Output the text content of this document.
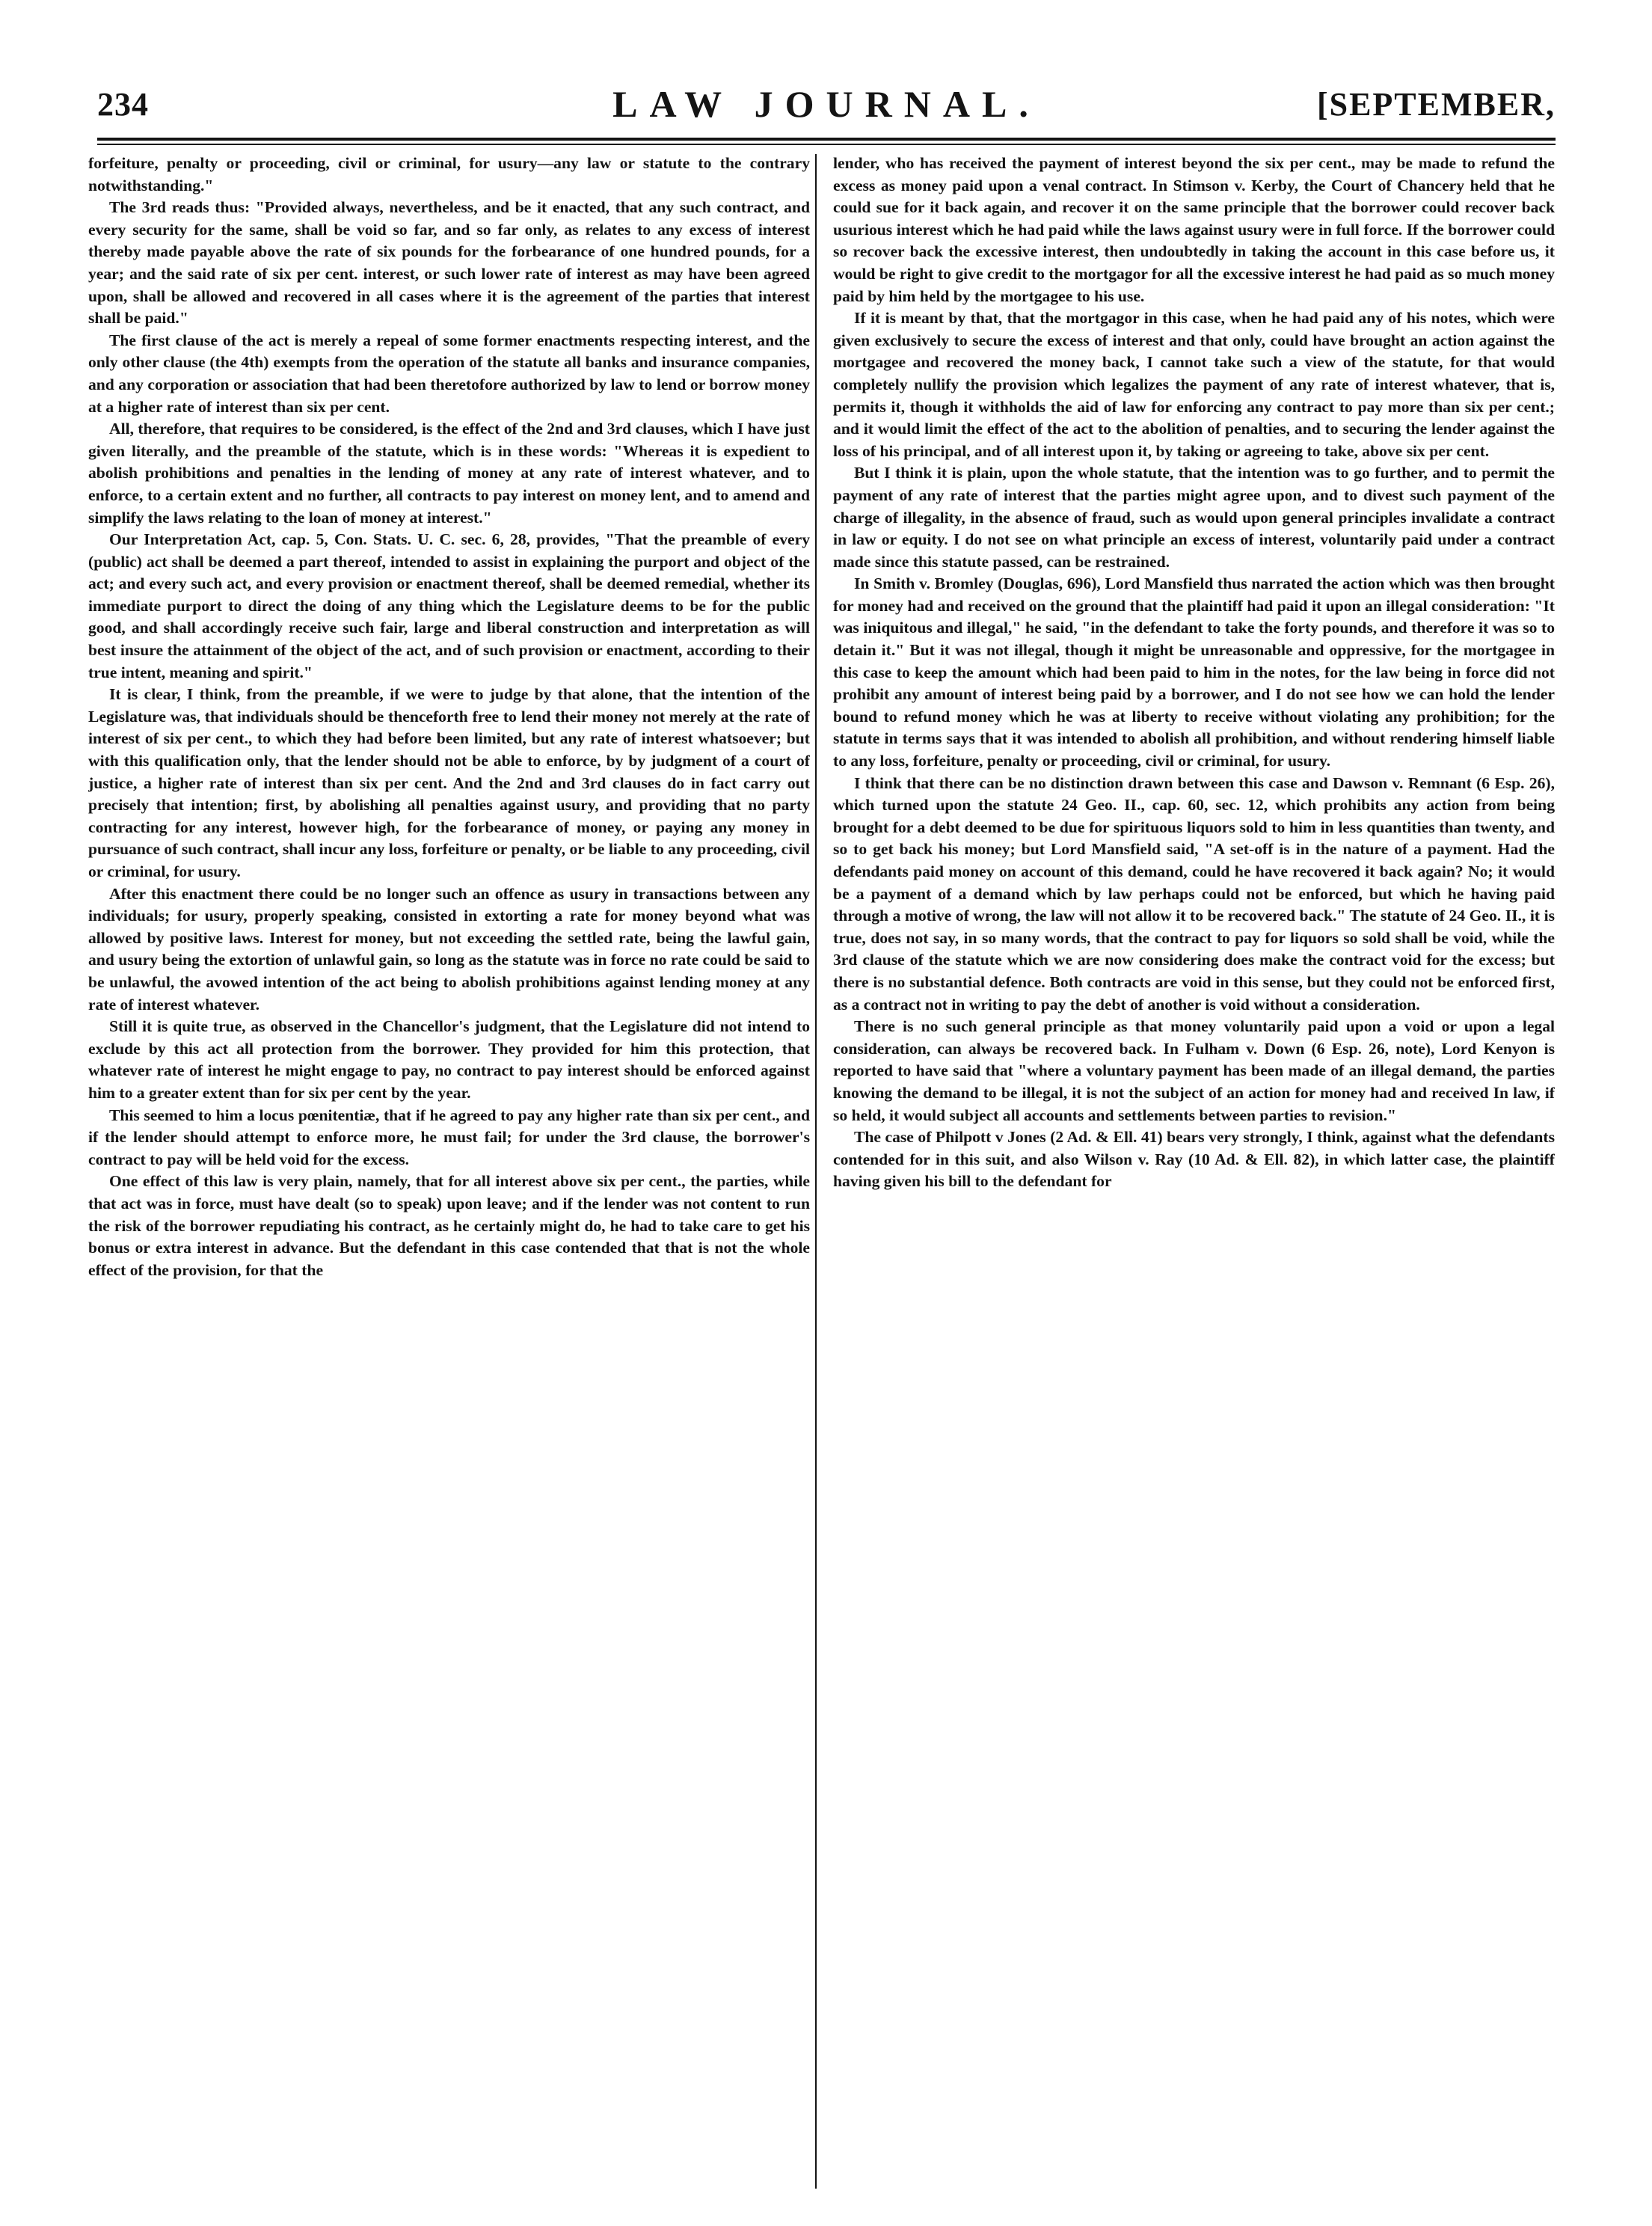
234	LAW JOURNAL.	[SEPTEMBER,

forfeiture, penalty or proceeding, civil or criminal, for usury—any law or statute to the contrary notwithstanding."

The 3rd reads thus: "Provided always, nevertheless, and be it enacted, that any such contract, and every security for the same, shall be void so far, and so far only, as relates to any excess of interest thereby made payable above the rate of six pounds for the forbearance of one hundred pounds, for a year; and the said rate of six per cent. interest, or such lower rate of interest as may have been agreed upon, shall be allowed and recovered in all cases where it is the agreement of the parties that interest shall be paid."

The first clause of the act is merely a repeal of some former enactments respecting interest, and the only other clause (the 4th) exempts from the operation of the statute all banks and insurance companies, and any corporation or association that had been theretofore authorized by law to lend or borrow money at a higher rate of interest than six per cent.

All, therefore, that requires to be considered, is the effect of the 2nd and 3rd clauses, which I have just given literally, and the preamble of the statute, which is in these words: "Whereas it is expedient to abolish prohibitions and penalties in the lending of money at any rate of interest whatever, and to enforce, to a certain extent and no further, all contracts to pay interest on money lent, and to amend and simplify the laws relating to the loan of money at interest."

Our Interpretation Act, cap. 5, Con. Stats. U. C. sec. 6, 28, provides, "That the preamble of every (public) act shall be deemed a part thereof, intended to assist in explaining the purport and object of the act; and every such act, and every provision or enactment thereof, shall be deemed remedial, whether its immediate purport to direct the doing of any thing which the Legislature deems to be for the public good, and shall accordingly receive such fair, large and liberal construction and interpretation as will best insure the attainment of the object of the act, and of such provision or enactment, according to their true intent, meaning and spirit."

It is clear, I think, from the preamble, if we were to judge by that alone, that the intention of the Legislature was, that individuals should be thenceforth free to lend their money not merely at the rate of interest of six per cent., to which they had before been limited, but any rate of interest whatsoever; but with this qualification only, that the lender should not be able to enforce, by by judgment of a court of justice, a higher rate of interest than six per cent. And the 2nd and 3rd clauses do in fact carry out precisely that intention; first, by abolishing all penalties against usury, and providing that no party contracting for any interest, however high, for the forbearance of money, or paying any money in pursuance of such contract, shall incur any loss, forfeiture or penalty, or be liable to any proceeding, civil or criminal, for usury.

After this enactment there could be no longer such an offence as usury in transactions between any individuals; for usury, properly speaking, consisted in extorting a rate for money beyond what was allowed by positive laws. Interest for money, but not exceeding the settled rate, being the lawful gain, and usury being the extortion of unlawful gain, so long as the statute was in force no rate could be said to be unlawful, the avowed intention of the act being to abolish prohibitions against lending money at any rate of interest whatever.

Still it is quite true, as observed in the Chancellor's judgment, that the Legislature did not intend to exclude by this act all protection from the borrower. They provided for him this protection, that whatever rate of interest he might engage to pay, no contract to pay interest should be enforced against him to a greater extent than for six per cent by the year.

This seemed to him a locus pœnitentiæ, that if he agreed to pay any higher rate than six per cent., and if the lender should attempt to enforce more, he must fail; for under the 3rd clause, the borrower's contract to pay will be held void for the excess.

One effect of this law is very plain, namely, that for all interest above six per cent., the parties, while that act was in force, must have dealt (so to speak) upon leave; and if the lender was not content to run the risk of the borrower repudiating his contract, as he certainly might do, he had to take care to get his bonus or extra interest in advance. But the defendant in this case contended that that is not the whole effect of the provision, for that the

lender, who has received the payment of interest beyond the six per cent., may be made to refund the excess as money paid upon a venal contract. In Stimson v. Kerby, the Court of Chancery held that he could sue for it back again, and recover it on the same principle that the borrower could recover back usurious interest which he had paid while the laws against usury were in full force. If the borrower could so recover back the excessive interest, then undoubtedly in taking the account in this case before us, it would be right to give credit to the mortgagor for all the excessive interest he had paid as so much money paid by him held by the mortgagee to his use.

If it is meant by that, that the mortgagor in this case, when he had paid any of his notes, which were given exclusively to secure the excess of interest and that only, could have brought an action against the mortgagee and recovered the money back, I cannot take such a view of the statute, for that would completely nullify the provision which legalizes the payment of any rate of interest whatever, that is, permits it, though it withholds the aid of law for enforcing any contract to pay more than six per cent.; and it would limit the effect of the act to the abolition of penalties, and to securing the lender against the loss of his principal, and of all interest upon it, by taking or agreeing to take, above six per cent.

But I think it is plain, upon the whole statute, that the intention was to go further, and to permit the payment of any rate of interest that the parties might agree upon, and to divest such payment of the charge of illegality, in the absence of fraud, such as would upon general principles invalidate a contract in law or equity. I do not see on what principle an excess of interest, voluntarily paid under a contract made since this statute passed, can be restrained.

In Smith v. Bromley (Douglas, 696), Lord Mansfield thus narrated the action which was then brought for money had and received on the ground that the plaintiff had paid it upon an illegal consideration: "It was iniquitous and illegal," he said, "in the defendant to take the forty pounds, and therefore it was so to detain it." But it was not illegal, though it might be unreasonable and oppressive, for the mortgagee in this case to keep the amount which had been paid to him in the notes, for the law being in force did not prohibit any amount of interest being paid by a borrower, and I do not see how we can hold the lender bound to refund money which he was at liberty to receive without violating any prohibition; for the statute in terms says that it was intended to abolish all prohibition, and without rendering himself liable to any loss, forfeiture, penalty or proceeding, civil or criminal, for usury.

I think that there can be no distinction drawn between this case and Dawson v. Remnant (6 Esp. 26), which turned upon the statute 24 Geo. II., cap. 60, sec. 12, which prohibits any action from being brought for a debt deemed to be due for spirituous liquors sold to him in less quantities than twenty, and so to get back his money; but Lord Mansfield said, "A set-off is in the nature of a payment. Had the defendants paid money on account of this demand, could he have recovered it back again? No; it would be a payment of a demand which by law perhaps could not be enforced, but which he having paid through a motive of wrong, the law will not allow it to be recovered back." The statute of 24 Geo. II., it is true, does not say, in so many words, that the contract to pay for liquors so sold shall be void, while the 3rd clause of the statute which we are now considering does make the contract void for the excess; but there is no substantial defence. Both contracts are void in this sense, but they could not be enforced first, as a contract not in writing to pay the debt of another is void without a consideration.

There is no such general principle as that money voluntarily paid upon a void or upon a legal consideration, can always be recovered back. In Fulham v. Down (6 Esp. 26, note), Lord Kenyon is reported to have said that "where a voluntary payment has been made of an illegal demand, the parties knowing the demand to be illegal, it is not the subject of an action for money had and received In law, if so held, it would subject all accounts and settlements between parties to revision."

The case of Philpott v Jones (2 Ad. & Ell. 41) bears very strongly, I think, against what the defendants contended for in this suit, and also Wilson v. Ray (10 Ad. & Ell. 82), in which latter case, the plaintiff having given his bill to the defendant for
